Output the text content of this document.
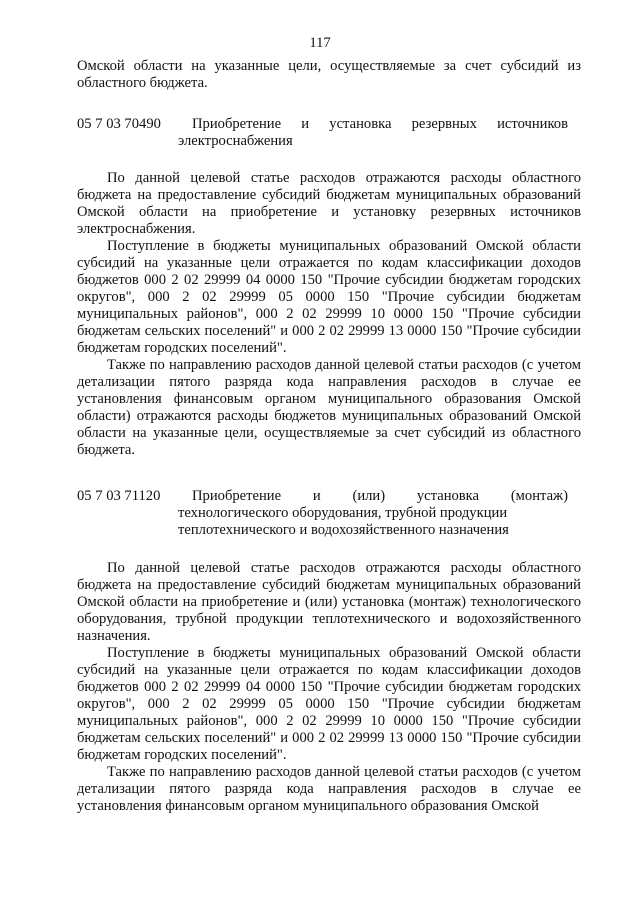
117

Омской области на указанные цели, осуществляемые за счет субсидий из областного бюджета.

05 7 03 70490	Приобретение и установка резервных источников
электроснабжения

По данной целевой статье расходов отражаются расходы областного бюджета на предоставление субсидий бюджетам муниципальных образований Омской области на приобретение и установку резервных источников электроснабжения.

Поступление в бюджеты муниципальных образований Омской области субсидий на указанные цели отражается по кодам классификации доходов бюджетов 000 2 02 29999 04 0000 150 "Прочие субсидии бюджетам городских округов", 000 2 02 29999 05 0000 150 "Прочие субсидии бюджетам муниципальных районов", 000 2 02 29999 10 0000 150 "Прочие субсидии бюджетам сельских поселений" и 000 2 02 29999 13 0000 150 "Прочие субсидии бюджетам городских поселений".

Также по направлению расходов данной целевой статьи расходов (с учетом детализации пятого разряда кода направления расходов в случае ее установления финансовым органом муниципального образования Омской области) отражаются расходы бюджетов муниципальных образований Омской области на указанные цели, осуществляемые за счет субсидий из областного бюджета.

05 7 03 71120	Приобретение и (или) установка (монтаж)
технологического оборудования, трубной продукции теплотехнического и водохозяйственного назначения

По данной целевой статье расходов отражаются расходы областного бюджета на предоставление субсидий бюджетам муниципальных образований Омской области на приобретение и (или) установка (монтаж) технологического оборудования, трубной продукции теплотехнического и водохозяйственного назначения.

Поступление в бюджеты муниципальных образований Омской области субсидий на указанные цели отражается по кодам классификации доходов бюджетов 000 2 02 29999 04 0000 150 "Прочие субсидии бюджетам городских округов", 000 2 02 29999 05 0000 150 "Прочие субсидии бюджетам муниципальных районов", 000 2 02 29999 10 0000 150 "Прочие субсидии бюджетам сельских поселений" и 000 2 02 29999 13 0000 150 "Прочие субсидии бюджетам городских поселений".

Также по направлению расходов данной целевой статьи расходов (с учетом детализации пятого разряда кода направления расходов в случае ее установления финансовым органом муниципального образования Омской
